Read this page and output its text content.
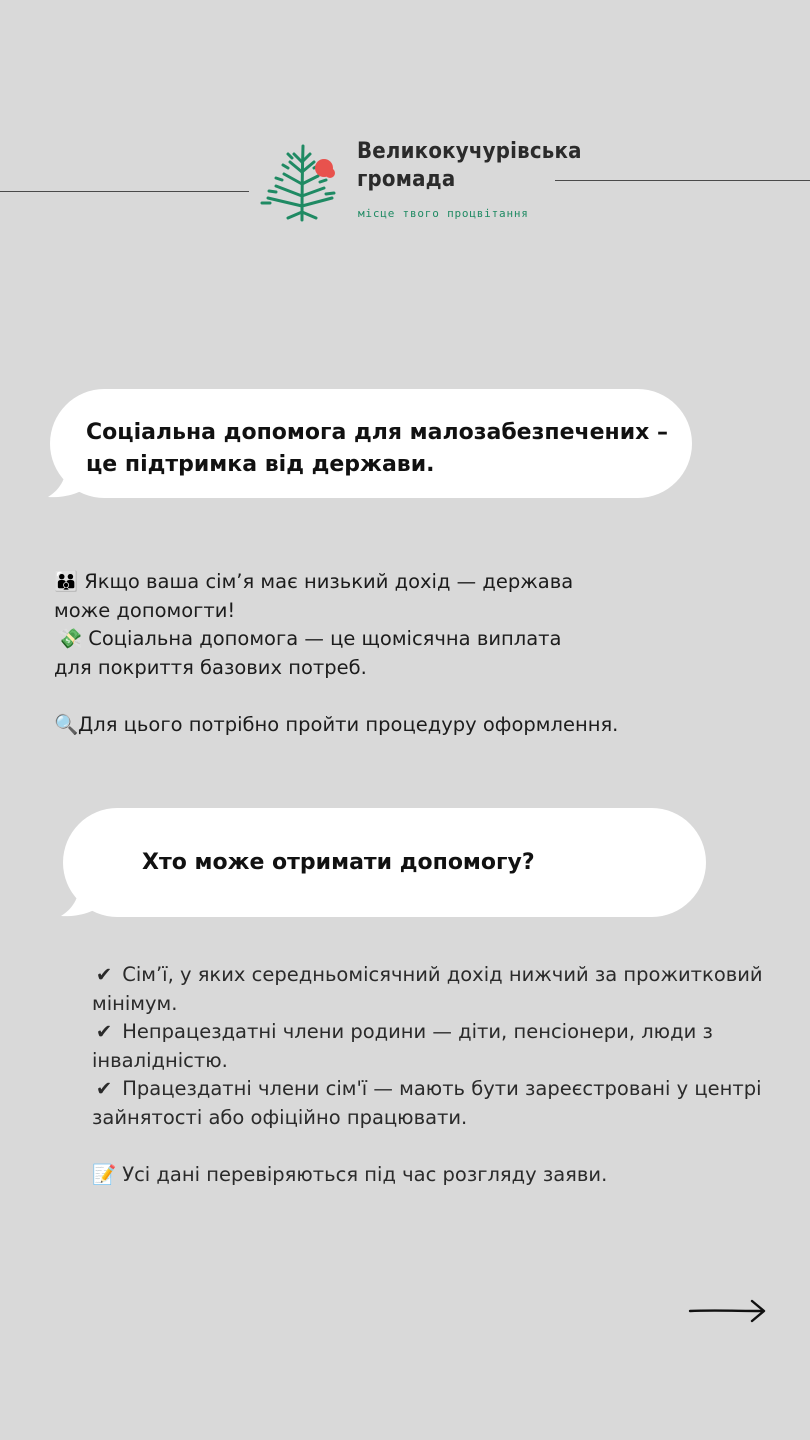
Великокучурівська
громада
місце твого процвітання
Соціальна допомога для малозабезпечених –
це підтримка від держави.
👪 Якщо ваша сім’я має низький дохід — держава
може допомогти!
💸 Соціальна допомога — це щомісячна виплата
для покриття базових потреб.
🔍Для цього потрібно пройти процедуру оформлення.
Хто може отримати допомогу?
✔ Сім’ї, у яких середньомісячний дохід нижчий за прожитковий
мінімум.
✔ Непрацездатні члени родини — діти, пенсіонери, люди з
інвалідністю.
✔ Працездатні члени сім'ї — мають бути зареєстровані у центрі
зайнятості або офіційно працювати.
📝 Усі дані перевіряються під час розгляду заяви.
